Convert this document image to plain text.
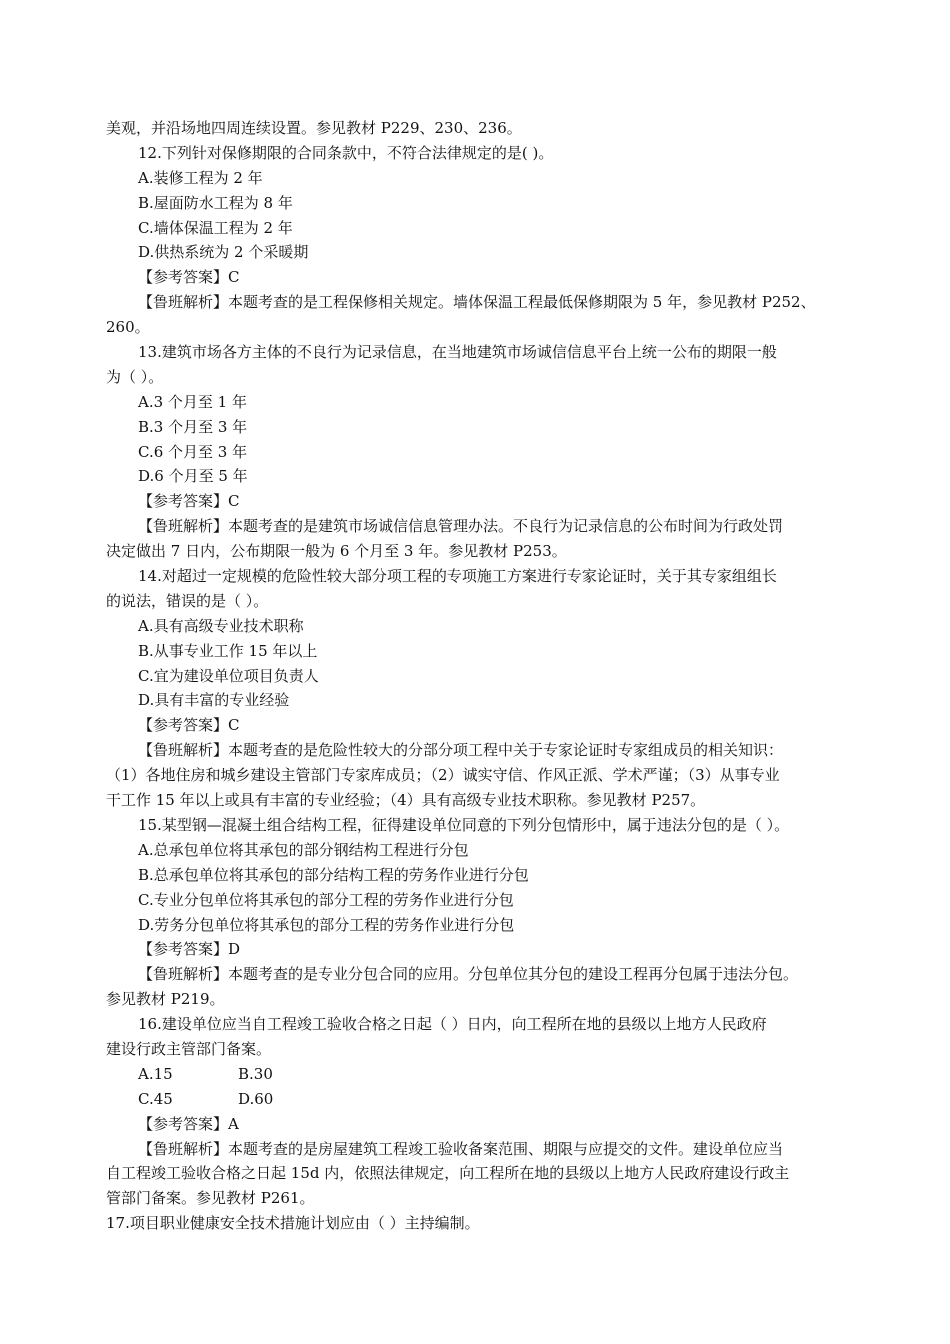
美观，并沿场地四周连续设置。参见教材 P229、230、236。
12.下列针对保修期限的合同条款中，不符合法律规定的是( )。
A.装修工程为 2 年
B.屋面防水工程为 8 年
C.墙体保温工程为 2 年
D.供热系统为 2 个采暖期
【参考答案】C
【鲁班解析】本题考查的是工程保修相关规定。墙体保温工程最低保修期限为 5 年，参见教材 P252、
260。
13.建筑市场各方主体的不良行为记录信息，在当地建筑市场诚信信息平台上统一公布的期限一般
为（ ）。
A.3 个月至 1 年
B.3 个月至 3 年
C.6 个月至 3 年
D.6 个月至 5 年
【参考答案】C
【鲁班解析】本题考查的是建筑市场诚信信息管理办法。不良行为记录信息的公布时间为行政处罚
决定做出 7 日内，公布期限一般为 6 个月至 3 年。参见教材 P253。
14.对超过一定规模的危险性较大部分项工程的专项施工方案进行专家论证时，关于其专家组组长
的说法，错误的是（ ）。
A.具有高级专业技术职称
B.从事专业工作 15 年以上
C.宜为建设单位项目负责人
D.具有丰富的专业经验
【参考答案】C
【鲁班解析】本题考查的是危险性较大的分部分项工程中关于专家论证时专家组成员的相关知识：
（1）各地住房和城乡建设主管部门专家库成员；（2）诚实守信、作风正派、学术严谨；（3）从事专业
干工作 15 年以上或具有丰富的专业经验；（4）具有高级专业技术职称。参见教材 P257。
15.某型钢—混凝土组合结构工程，征得建设单位同意的下列分包情形中，属于违法分包的是（ ）。
A.总承包单位将其承包的部分钢结构工程进行分包
B.总承包单位将其承包的部分结构工程的劳务作业进行分包
C.专业分包单位将其承包的部分工程的劳务作业进行分包
D.劳务分包单位将其承包的部分工程的劳务作业进行分包
【参考答案】D
【鲁班解析】本题考查的是专业分包合同的应用。分包单位其分包的建设工程再分包属于违法分包。
参见教材 P219。
16.建设单位应当自工程竣工验收合格之日起（ ）日内，向工程所在地的县级以上地方人民政府
建设行政主管部门备案。
A.15	B.30
C.45	D.60
【参考答案】A
【鲁班解析】本题考查的是房屋建筑工程竣工验收备案范围、期限与应提交的文件。建设单位应当
自工程竣工验收合格之日起 15d 内，依照法律规定，向工程所在地的县级以上地方人民政府建设行政主
管部门备案。参见教材 P261。
17.项目职业健康安全技术措施计划应由（ ）主持编制。
